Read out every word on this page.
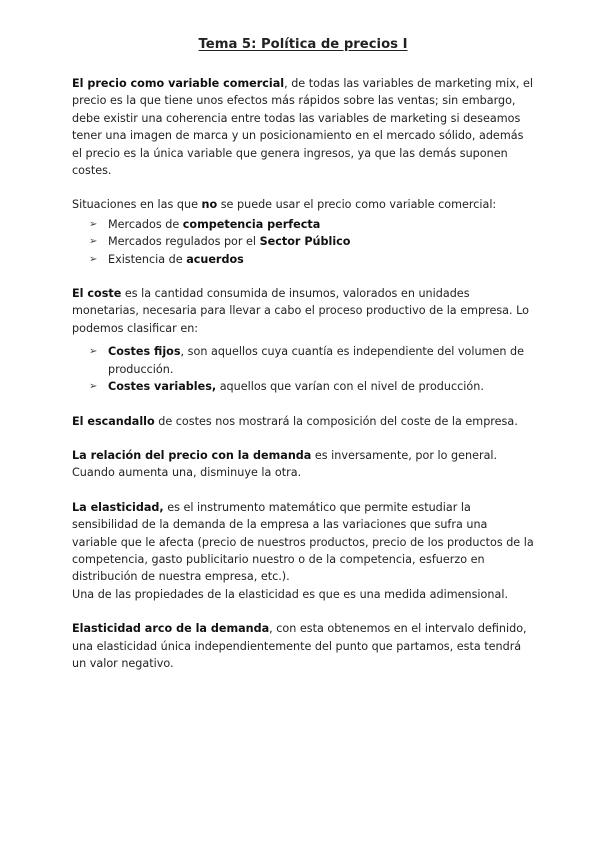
Tema 5: Política de precios I

El precio como variable comercial, de todas las variables de marketing mix, el precio es la que tiene unos efectos más rápidos sobre las ventas; sin embargo, debe existir una coherencia entre todas las variables de marketing si deseamos tener una imagen de marca y un posicionamiento en el mercado sólido, además el precio es la única variable que genera ingresos, ya que las demás suponen costes.

Situaciones en las que no se puede usar el precio como variable comercial:

➢ Mercados de competencia perfecta
➢ Mercados regulados por el Sector Público
➢ Existencia de acuerdos

El coste es la cantidad consumida de insumos, valorados en unidades monetarias, necesaria para llevar a cabo el proceso productivo de la empresa. Lo podemos clasificar en:

➢ Costes fijos, son aquellos cuya cuantía es independiente del volumen de producción.
➢ Costes variables, aquellos que varían con el nivel de producción.

El escandallo de costes nos mostrará la composición del coste de la empresa.

La relación del precio con la demanda es inversamente, por lo general. Cuando aumenta una, disminuye la otra.

La elasticidad, es el instrumento matemático que permite estudiar la sensibilidad de la demanda de la empresa a las variaciones que sufra una variable que le afecta (precio de nuestros productos, precio de los productos de la competencia, gasto publicitario nuestro o de la competencia, esfuerzo en distribución de nuestra empresa, etc.).

Una de las propiedades de la elasticidad es que es una medida adimensional.

Elasticidad arco de la demanda, con esta obtenemos en el intervalo definido, una elasticidad única independientemente del punto que partamos, esta tendrá un valor negativo.
